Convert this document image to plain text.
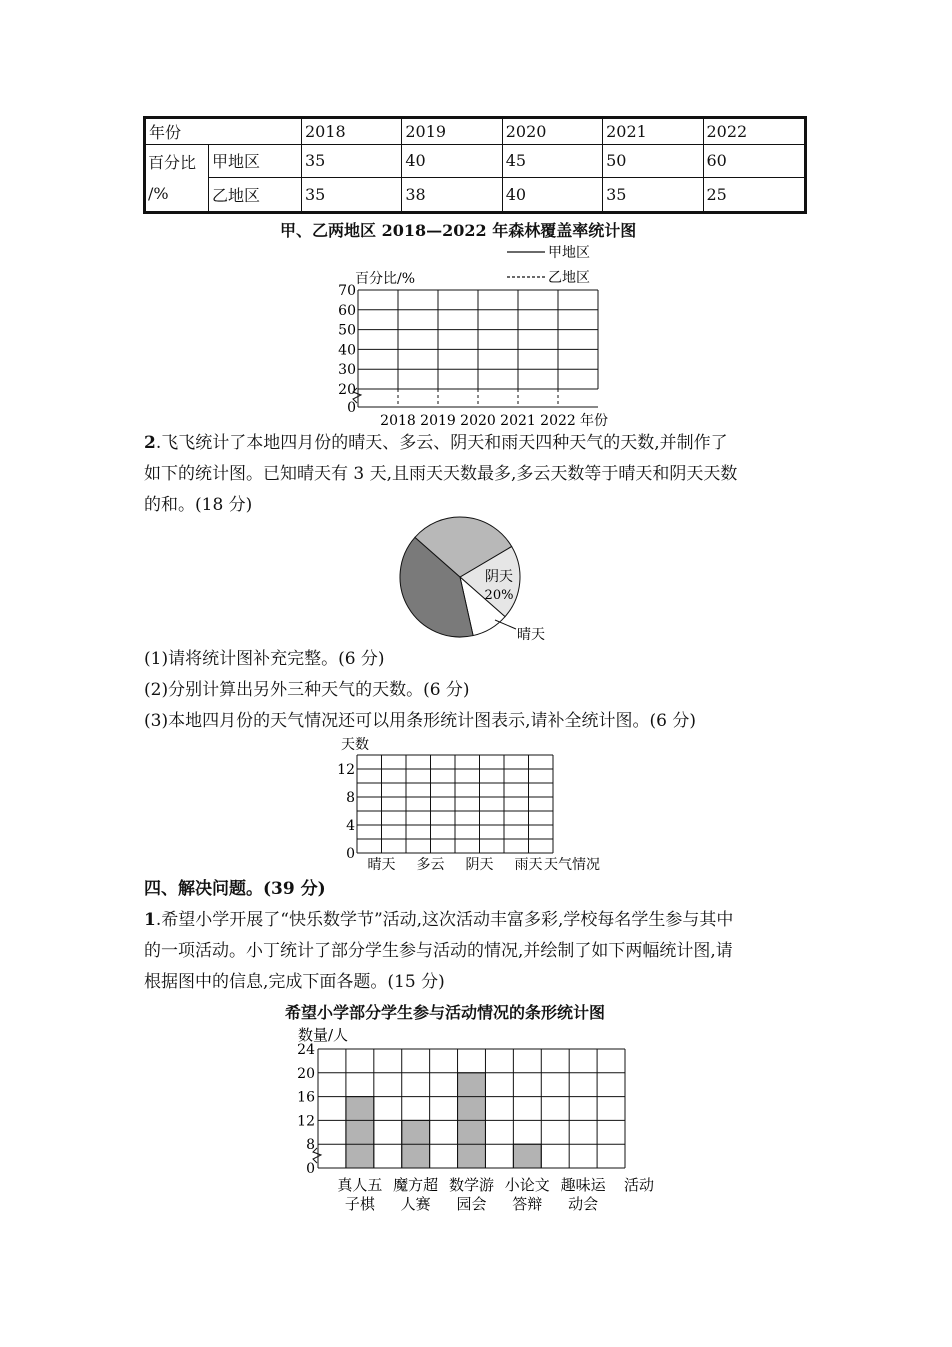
年份		2018	2019	2020	2021	2022

百分比
/%	甲地区	35	40	45	50	60
	乙地区	35	38	40	35	25
甲、乙两地区 2018—2022 年森林覆盖率统计图
0
20
30
40
50
60
70
2018 2019 2020 2021 2022
百分比/%
年份
甲地区
乙地区
2.飞飞统计了本地四月份的晴天、多云、阴天和雨天四种天气的天数,并制作了
如下的统计图。已知晴天有 3 天,且雨天天数最多,多云天数等于晴天和阴天天数
的和。(18 分)
阴天
20%
晴天
(1)请将统计图补充完整。(6 分)
(2)分别计算出另外三种天气的天数。(6 分)
(3)本地四月份的天气情况还可以用条形统计图表示,请补全统计图。(6 分)
天数
0
4
8
12
晴天 多云 阴天 雨天 天气情况
四、解决问题。(39 分)
1.希望小学开展了“快乐数学节”活动,这次活动丰富多彩,学校每名学生参与其中
的一项活动。小丁统计了部分学生参与活动的情况,并绘制了如下两幅统计图,请
根据图中的信息,完成下面各题。(15 分)
希望小学部分学生参与活动情况的条形统计图
数量/人
0
8
12
16
20
24
真人五
子棋
魔方超
人赛
数学游
园会
小论文
答辩
趣味运
动会
活动
